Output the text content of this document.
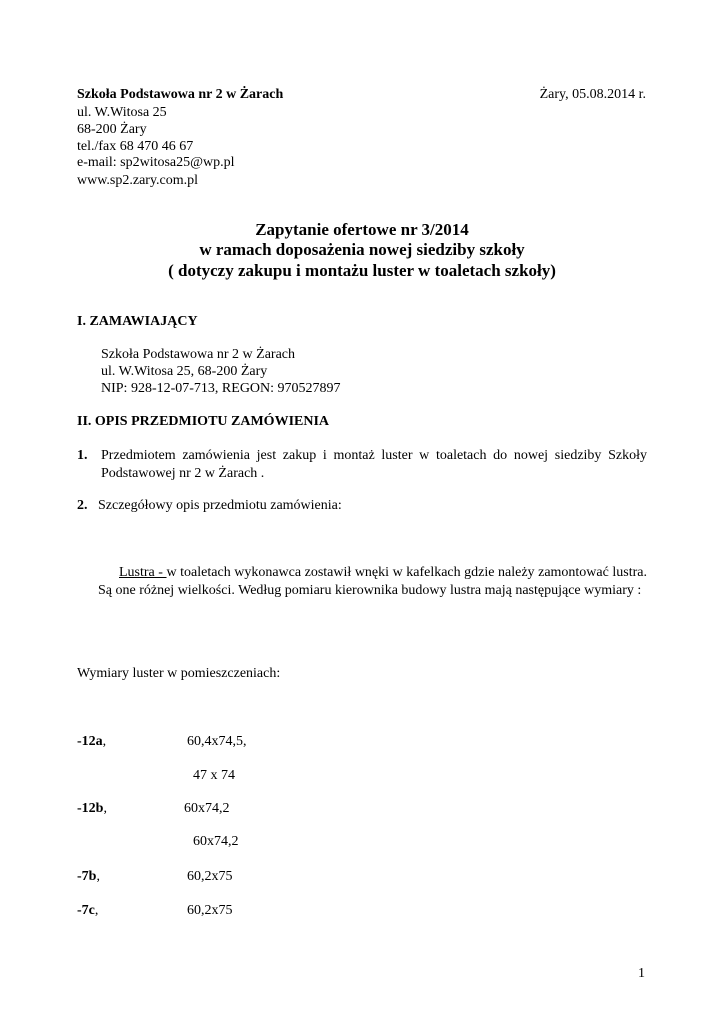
Szkoła Podstawowa nr 2 w Żarach
ul. W.Witosa 25
68-200 Żary
tel./fax 68 470 46 67
e-mail: sp2witosa25@wp.pl
www.sp2.zary.com.pl
Żary, 05.08.2014 r.
Zapytanie ofertowe nr 3/2014
w ramach doposażenia nowej siedziby szkoły
( dotyczy zakupu i montażu luster w toaletach szkoły)
I. ZAMAWIAJĄCY
Szkoła Podstawowa nr 2 w Żarach
ul. W.Witosa 25, 68-200 Żary
NIP: 928-12-07-713, REGON: 970527897
II. OPIS PRZEDMIOTU ZAMÓWIENIA
1. Przedmiotem zamówienia jest zakup i montaż luster w toaletach do nowej siedziby Szkoły Podstawowej nr 2 w Żarach .
2. Szczegółowy opis przedmiotu zamówienia:
Lustra - w toaletach wykonawca zostawił wnęki w kafelkach gdzie należy zamontować lustra. Są one różnej wielkości. Według pomiaru kierownika budowy lustra mają następujące wymiary :
Wymiary luster w pomieszczeniach:
-12a,	60,4x74,5,
47 x 74
-12b,	60x74,2
60x74,2
-7b,	60,2x75
-7c,	60,2x75
1
